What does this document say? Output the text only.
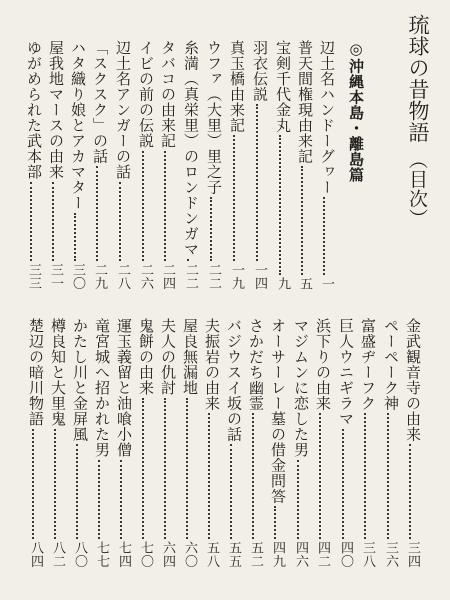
琉球の昔物語
（目次）
◎沖縄本島・離島篇
辺土名ハンドーグヮー
一
普天間権現由来記
五
宝剣千代金丸
九
羽衣伝説
一四
真玉橋由来記
一九
ウファ（大里）里之子
二二
糸満（真栄里）のロンドンガマ
二二
タバコの由来記
二四
イビの前の伝説
二六
辺土名アンガーの話
二八
「スクスク」の話
二九
ハタ織り娘とアカマター
三〇
屋我地マースの由来
三一
ゆがめられた武本部
三三
金武観音寺の由来
三四
ペーペーク神
三六
富盛ヂーフク
三八
巨人ウニギラマ
四〇
浜下りの由来
四二
マジムンに恋した男
四六
オーサーレー墓の借金問答
四九
さかだち幽霊
五二
バジウスイ坂の話
五五
夫振岩の由来
五八
屋良無漏地
六〇
夫人の仇討
六四
鬼餅の由来
七〇
運玉義留と油喰小僧
七四
竜宮城へ招かれた男
七七
かたし川と金屏風
八〇
樽良知と大里鬼
八二
楚辺の暗川物語
八四
